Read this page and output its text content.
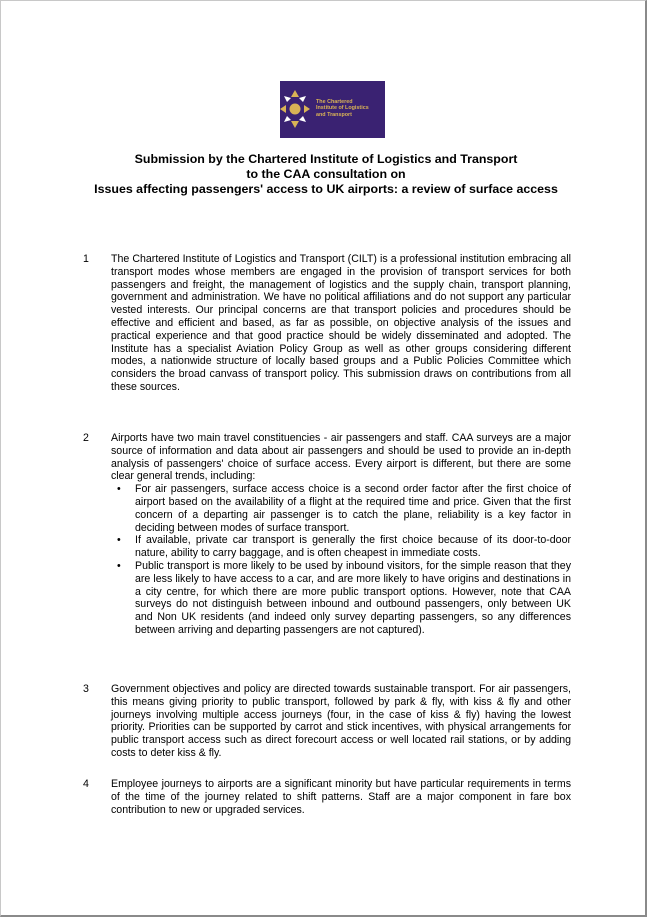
The Chartered
Institute of Logistics
and Transport
Submission by the Chartered Institute of Logistics and Transport
to the CAA consultation on
Issues affecting passengers' access to UK airports: a review of surface access
1 The Chartered Institute of Logistics and Transport (CILT) is a professional institution embracing all transport modes whose members are engaged in the provision of transport services for both passengers and freight, the management of logistics and the supply chain, transport planning, government and administration. We have no political affiliations and do not support any particular vested interests. Our principal concerns are that transport policies and procedures should be effective and efficient and based, as far as possible, on objective analysis of the issues and practical experience and that good practice should be widely disseminated and adopted. The Institute has a specialist Aviation Policy Group as well as other groups considering different modes, a nationwide structure of locally based groups and a Public Policies Committee which considers the broad canvass of transport policy. This submission draws on contributions from all these sources.
2 Airports have two main travel constituencies - air passengers and staff. CAA surveys are a major source of information and data about air passengers and should be used to provide an in-depth analysis of passengers' choice of surface access. Every airport is different, but there are some clear general trends, including:
• For air passengers, surface access choice is a second order factor after the first choice of airport based on the availability of a flight at the required time and price. Given that the first concern of a departing air passenger is to catch the plane, reliability is a key factor in deciding between modes of surface transport.
• If available, private car transport is generally the first choice because of its door-to-door nature, ability to carry baggage, and is often cheapest in immediate costs.
• Public transport is more likely to be used by inbound visitors, for the simple reason that they are less likely to have access to a car, and are more likely to have origins and destinations in a city centre, for which there are more public transport options. However, note that CAA surveys do not distinguish between inbound and outbound passengers, only between UK and Non UK residents (and indeed only survey departing passengers, so any differences between arriving and departing passengers are not captured).
3 Government objectives and policy are directed towards sustainable transport. For air passengers, this means giving priority to public transport, followed by park & fly, with kiss & fly and other journeys involving multiple access journeys (four, in the case of kiss & fly) having the lowest priority. Priorities can be supported by carrot and stick incentives, with physical arrangements for public transport access such as direct forecourt access or well located rail stations, or by adding costs to deter kiss & fly.
4 Employee journeys to airports are a significant minority but have particular requirements in terms of the time of the journey related to shift patterns. Staff are a major component in fare box contribution to new or upgraded services.
